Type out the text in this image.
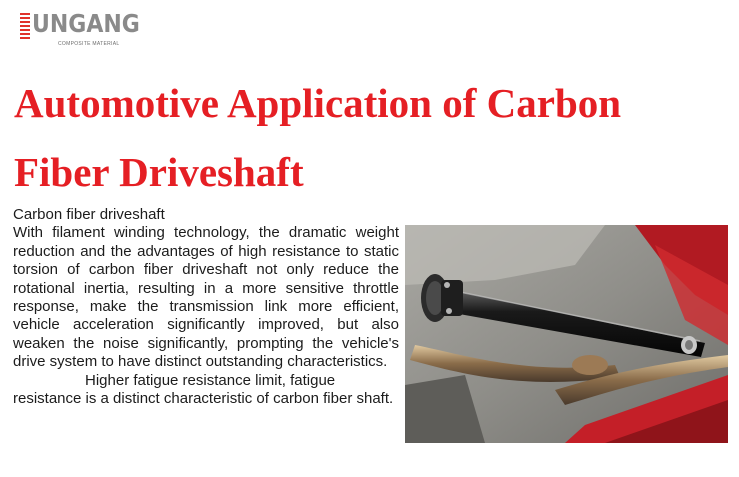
UNGANG
COMPOSITE MATERIAL
Automotive Application of Carbon
Fiber Driveshaft
Carbon fiber driveshaft
With filament winding technology, the dramatic weight reduction and the advantages of high resistance to static torsion of carbon fiber driveshaft not only reduce the rotational inertia, resulting in a more sensitive throttle response, make the transmission link more efficient, vehicle acceleration significantly improved, but also weaken the noise significantly, prompting the vehicle's drive system to have distinct outstanding characteristics.
Higher fatigue resistance limit, fatigue resistance is a distinct characteristic of carbon fiber shaft.
